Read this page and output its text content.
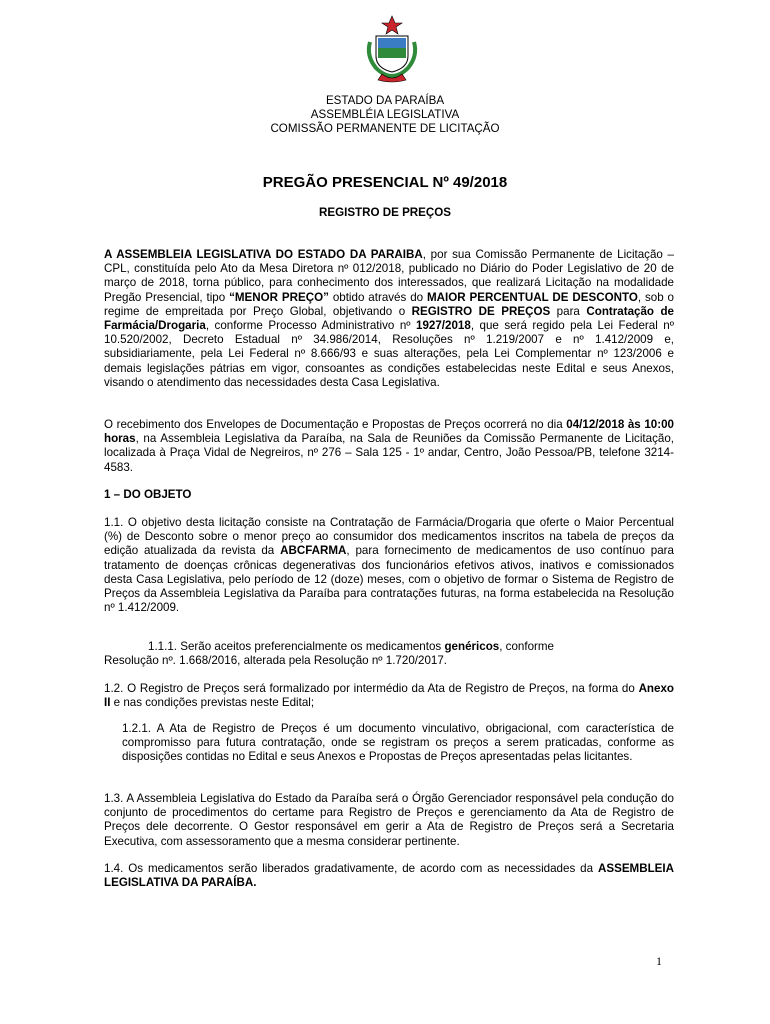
ESTADO DA PARAÍBA
ASSEMBLÉIA LEGISLATIVA
COMISSÃO PERMANENTE DE LICITAÇÃO
PREGÃO PRESENCIAL Nº 49/2018
REGISTRO DE PREÇOS
A ASSEMBLEIA LEGISLATIVA DO ESTADO DA PARAIBA, por sua Comissão Permanente de Licitação – CPL, constituída pelo Ato da Mesa Diretora nº 012/2018, publicado no Diário do Poder Legislativo de 20 de março de 2018, torna público, para conhecimento dos interessados, que realizará Licitação na modalidade Pregão Presencial, tipo “MENOR PREÇO” obtido através do MAIOR PERCENTUAL DE DESCONTO, sob o regime de empreitada por Preço Global, objetivando o REGISTRO DE PREÇOS para Contratação de Farmácia/Drogaria, conforme Processo Administrativo nº 1927/2018, que será regido pela Lei Federal nº 10.520/2002, Decreto Estadual nº 34.986/2014, Resoluções nº 1.219/2007 e nº 1.412/2009 e, subsidiariamente, pela Lei Federal nº 8.666/93 e suas alterações, pela Lei Complementar nº 123/2006 e demais legislações pátrias em vigor, consoantes as condições estabelecidas neste Edital e seus Anexos, visando o atendimento das necessidades desta Casa Legislativa.
O recebimento dos Envelopes de Documentação e Propostas de Preços ocorrerá no dia 04/12/2018 às 10:00 horas, na Assembleia Legislativa da Paraíba, na Sala de Reuniões da Comissão Permanente de Licitação, localizada à Praça Vidal de Negreiros, nº 276 – Sala 125 - 1º andar, Centro, João Pessoa/PB, telefone 3214-4583.
1 – DO OBJETO
1.1. O objetivo desta licitação consiste na Contratação de Farmácia/Drogaria que oferte o Maior Percentual (%) de Desconto sobre o menor preço ao consumidor dos medicamentos inscritos na tabela de preços da edição atualizada da revista da ABCFARMA, para fornecimento de medicamentos de uso contínuo para tratamento de doenças crônicas degenerativas dos funcionários efetivos ativos, inativos e comissionados desta Casa Legislativa, pelo período de 12 (doze) meses, com o objetivo de formar o Sistema de Registro de Preços da Assembleia Legislativa da Paraíba para contratações futuras, na forma estabelecida na Resolução nº 1.412/2009.
1.1.1. Serão aceitos preferencialmente os medicamentos genéricos, conforme
Resolução nº. 1.668/2016, alterada pela Resolução nº 1.720/2017.
1.2. O Registro de Preços será formalizado por intermédio da Ata de Registro de Preços, na forma do Anexo II e nas condições previstas neste Edital;
1.2.1. A Ata de Registro de Preços é um documento vinculativo, obrigacional, com característica de compromisso para futura contratação, onde se registram os preços a serem praticadas, conforme as disposições contidas no Edital e seus Anexos e Propostas de Preços apresentadas pelas licitantes.
1.3. A Assembleia Legislativa do Estado da Paraíba será o Órgão Gerenciador responsável pela condução do conjunto de procedimentos do certame para Registro de Preços e gerenciamento da Ata de Registro de Preços dele decorrente. O Gestor responsável em gerir a Ata de Registro de Preços será a Secretaria Executiva, com assessoramento que a mesma considerar pertinente.
1.4. Os medicamentos serão liberados gradativamente, de acordo com as necessidades da ASSEMBLEIA LEGISLATIVA DA PARAÍBA.
1
